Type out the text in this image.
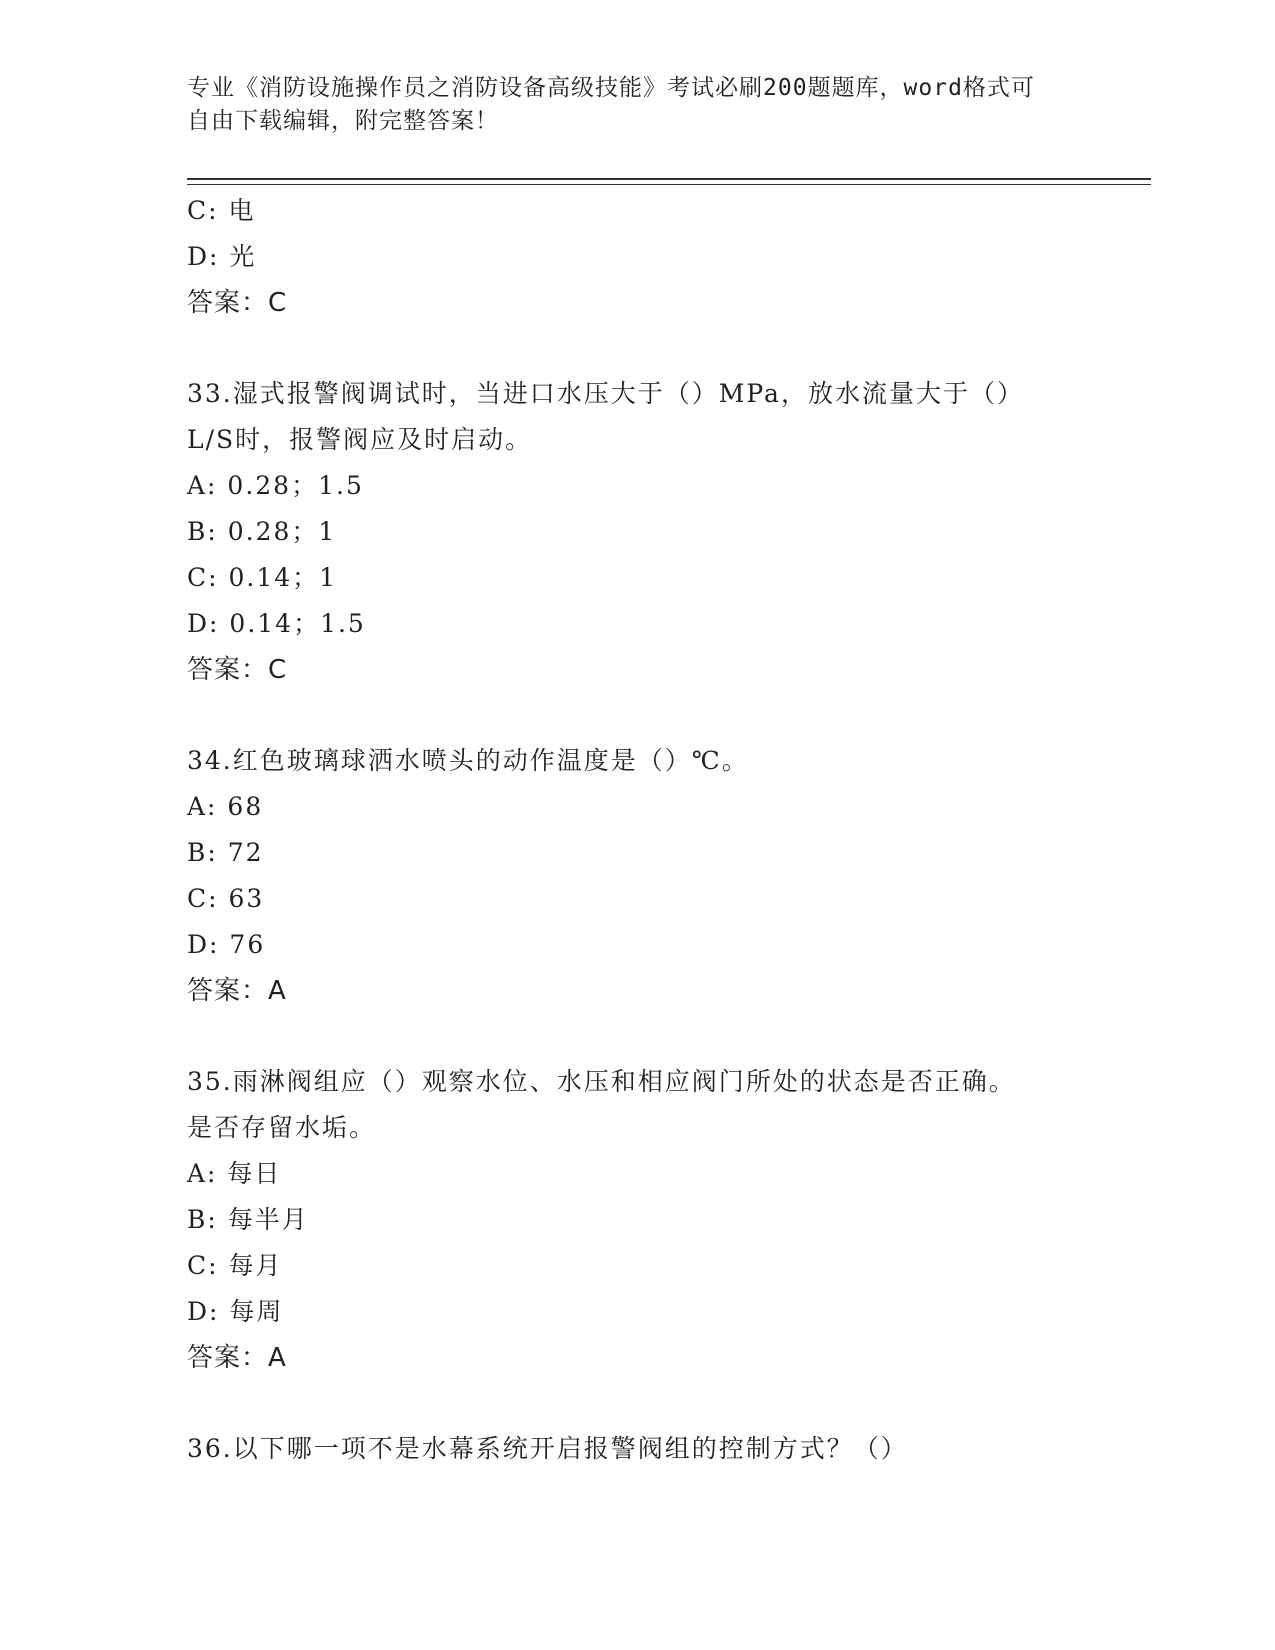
专业《消防设施操作员之消防设备高级技能》考试必刷200题题库，word格式可
自由下载编辑，附完整答案！
C: 电
D: 光
答案：C
33.湿式报警阀调试时，当进口水压大于（）MPa，放水流量大于（）
L/S时，报警阀应及时启动。
A: 0.28；1.5
B: 0.28；1
C: 0.14；1
D: 0.14；1.5
答案：C
34.红色玻璃球洒水喷头的动作温度是（）℃。
A: 68
B: 72
C: 63
D: 76
答案：A
35.雨淋阀组应（）观察水位、水压和相应阀门所处的状态是否正确。
是否存留水垢。
A: 每日
B: 每半月
C: 每月
D: 每周
答案：A
36.以下哪一项不是水幕系统开启报警阀组的控制方式？（）
